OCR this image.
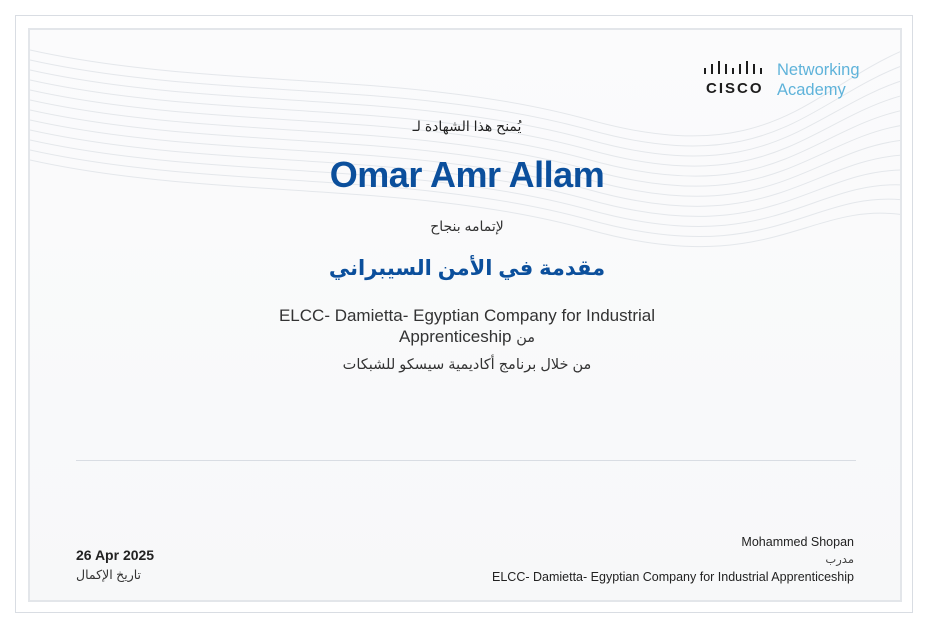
CISCO
Networking
Academy
يُمنح هذا الشهادة لـ
Omar Amr Allam
لإتمامه بنجاح
مقدمة في الأمن السيبراني
ELCC- Damietta- Egyptian Company for Industrial
Apprenticeship من
من خلال برنامج أكاديمية سيسكو للشبكات
26 Apr 2025
تاريخ الإكمال
Mohammed Shopan
مدرب
ELCC- Damietta- Egyptian Company for Industrial Apprenticeship
